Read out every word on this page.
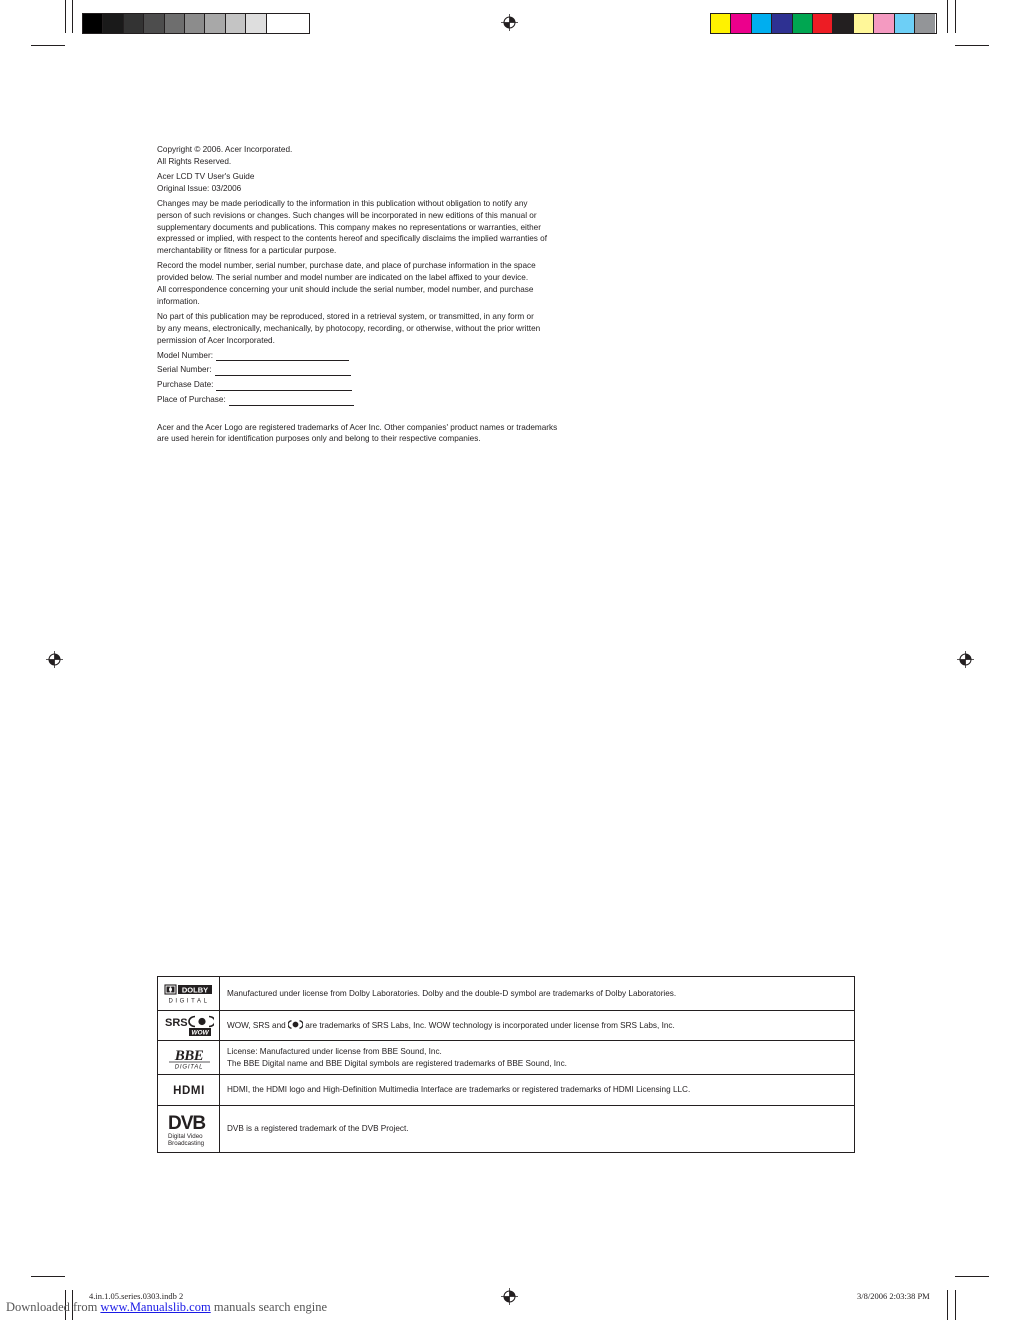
Copyright © 2006. Acer Incorporated.
All Rights Reserved.

Acer LCD TV User's Guide
Original Issue: 03/2006

Changes may be made periodically to the information in this publication without obligation to notify any
person of such revisions or changes. Such changes will be incorporated in new editions of this manual or
supplementary documents and publications. This company makes no representations or warranties, either
expressed or implied, with respect to the contents hereof and specifically disclaims the implied warranties of
merchantability or fitness for a particular purpose.

Record the model number, serial number, purchase date, and place of purchase information in the space
provided below. The serial number and model number are indicated on the label affixed to your device.
All correspondence concerning your unit should include the serial number, model number, and purchase
information.

No part of this publication may be reproduced, stored in a retrieval system, or transmitted, in any form or
by any means, electronically, mechanically, by photocopy, recording, or otherwise, without the prior written
permission of Acer Incorporated.

Model Number:
Serial Number:
Purchase Date:
Place of Purchase:

Acer and the Acer Logo are registered trademarks of Acer Inc. Other companies' product names or trademarks
are used herein for identification purposes only and belong to their respective companies.

DOLBY
DIGITAL
Manufactured under license from Dolby Laboratories. Dolby and the double-D symbol are trademarks of Dolby Laboratories.
SRS
WOW
WOW, SRS and are trademarks of SRS Labs, Inc. WOW technology is incorporated under license from SRS Labs, Inc.
BBE
DIGITAL
License: Manufactured under license from BBE Sound, Inc.
The BBE Digital name and BBE Digital symbols are registered trademarks of BBE Sound, Inc.
HDMI	HDMI, the HDMI logo and High-Definition Multimedia Interface are trademarks or registered trademarks of HDMI Licensing LLC.
DVB
Digital Video
Broadcasting
DVB is a registered trademark of the DVB Project.
4.in.1.05.series.0303.indb 2	3/8/2006 2:03:38 PM
Downloaded from www.Manualslib.com manuals search engine
